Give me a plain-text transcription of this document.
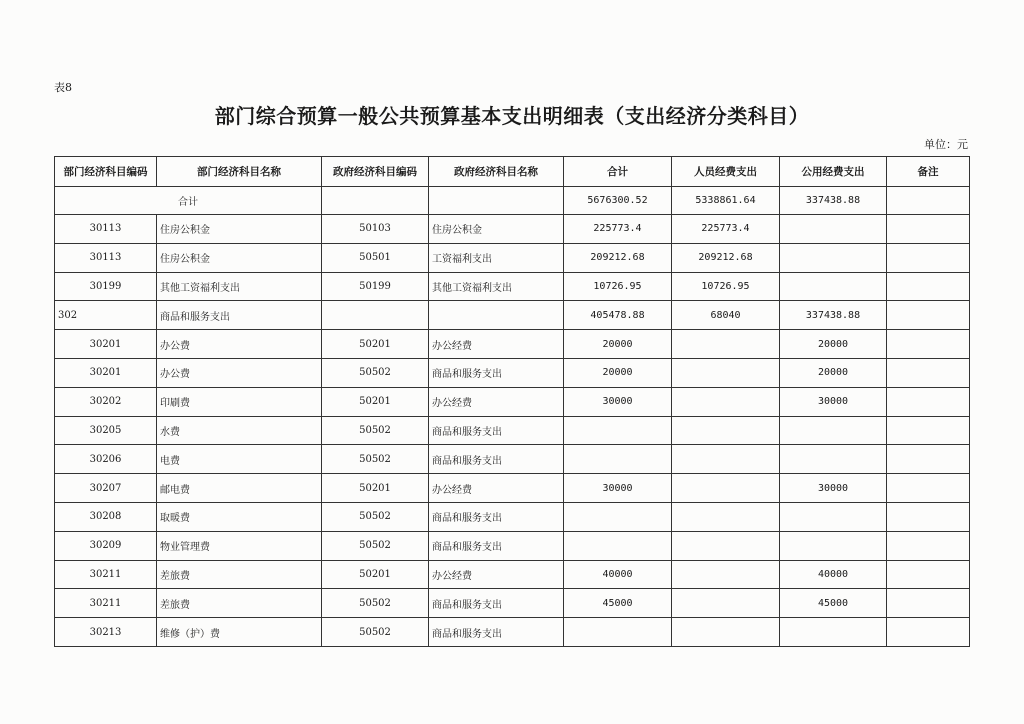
表8
部门综合预算一般公共预算基本支出明细表（支出经济分类科目）
单位：元
部门经济科目编码	部门经济科目名称	政府经济科目编码	政府经济科目名称	合计	人员经费支出	公用经费支出	备注
合计				5676300.52	5338861.64	337438.88	
30113	住房公积金	50103	住房公积金	225773.4	225773.4		
30113	住房公积金	50501	工资福利支出	209212.68	209212.68		
30199	其他工资福利支出	50199	其他工资福利支出	10726.95	10726.95		
302	商品和服务支出			405478.88	68040	337438.88	
30201	办公费	50201	办公经费	20000		20000	
30201	办公费	50502	商品和服务支出	20000		20000	
30202	印刷费	50201	办公经费	30000		30000	
30205	水费	50502	商品和服务支出				
30206	电费	50502	商品和服务支出				
30207	邮电费	50201	办公经费	30000		30000	
30208	取暖费	50502	商品和服务支出				
30209	物业管理费	50502	商品和服务支出				
30211	差旅费	50201	办公经费	40000		40000	
30211	差旅费	50502	商品和服务支出	45000		45000	
30213	维修（护）费	50502	商品和服务支出				
